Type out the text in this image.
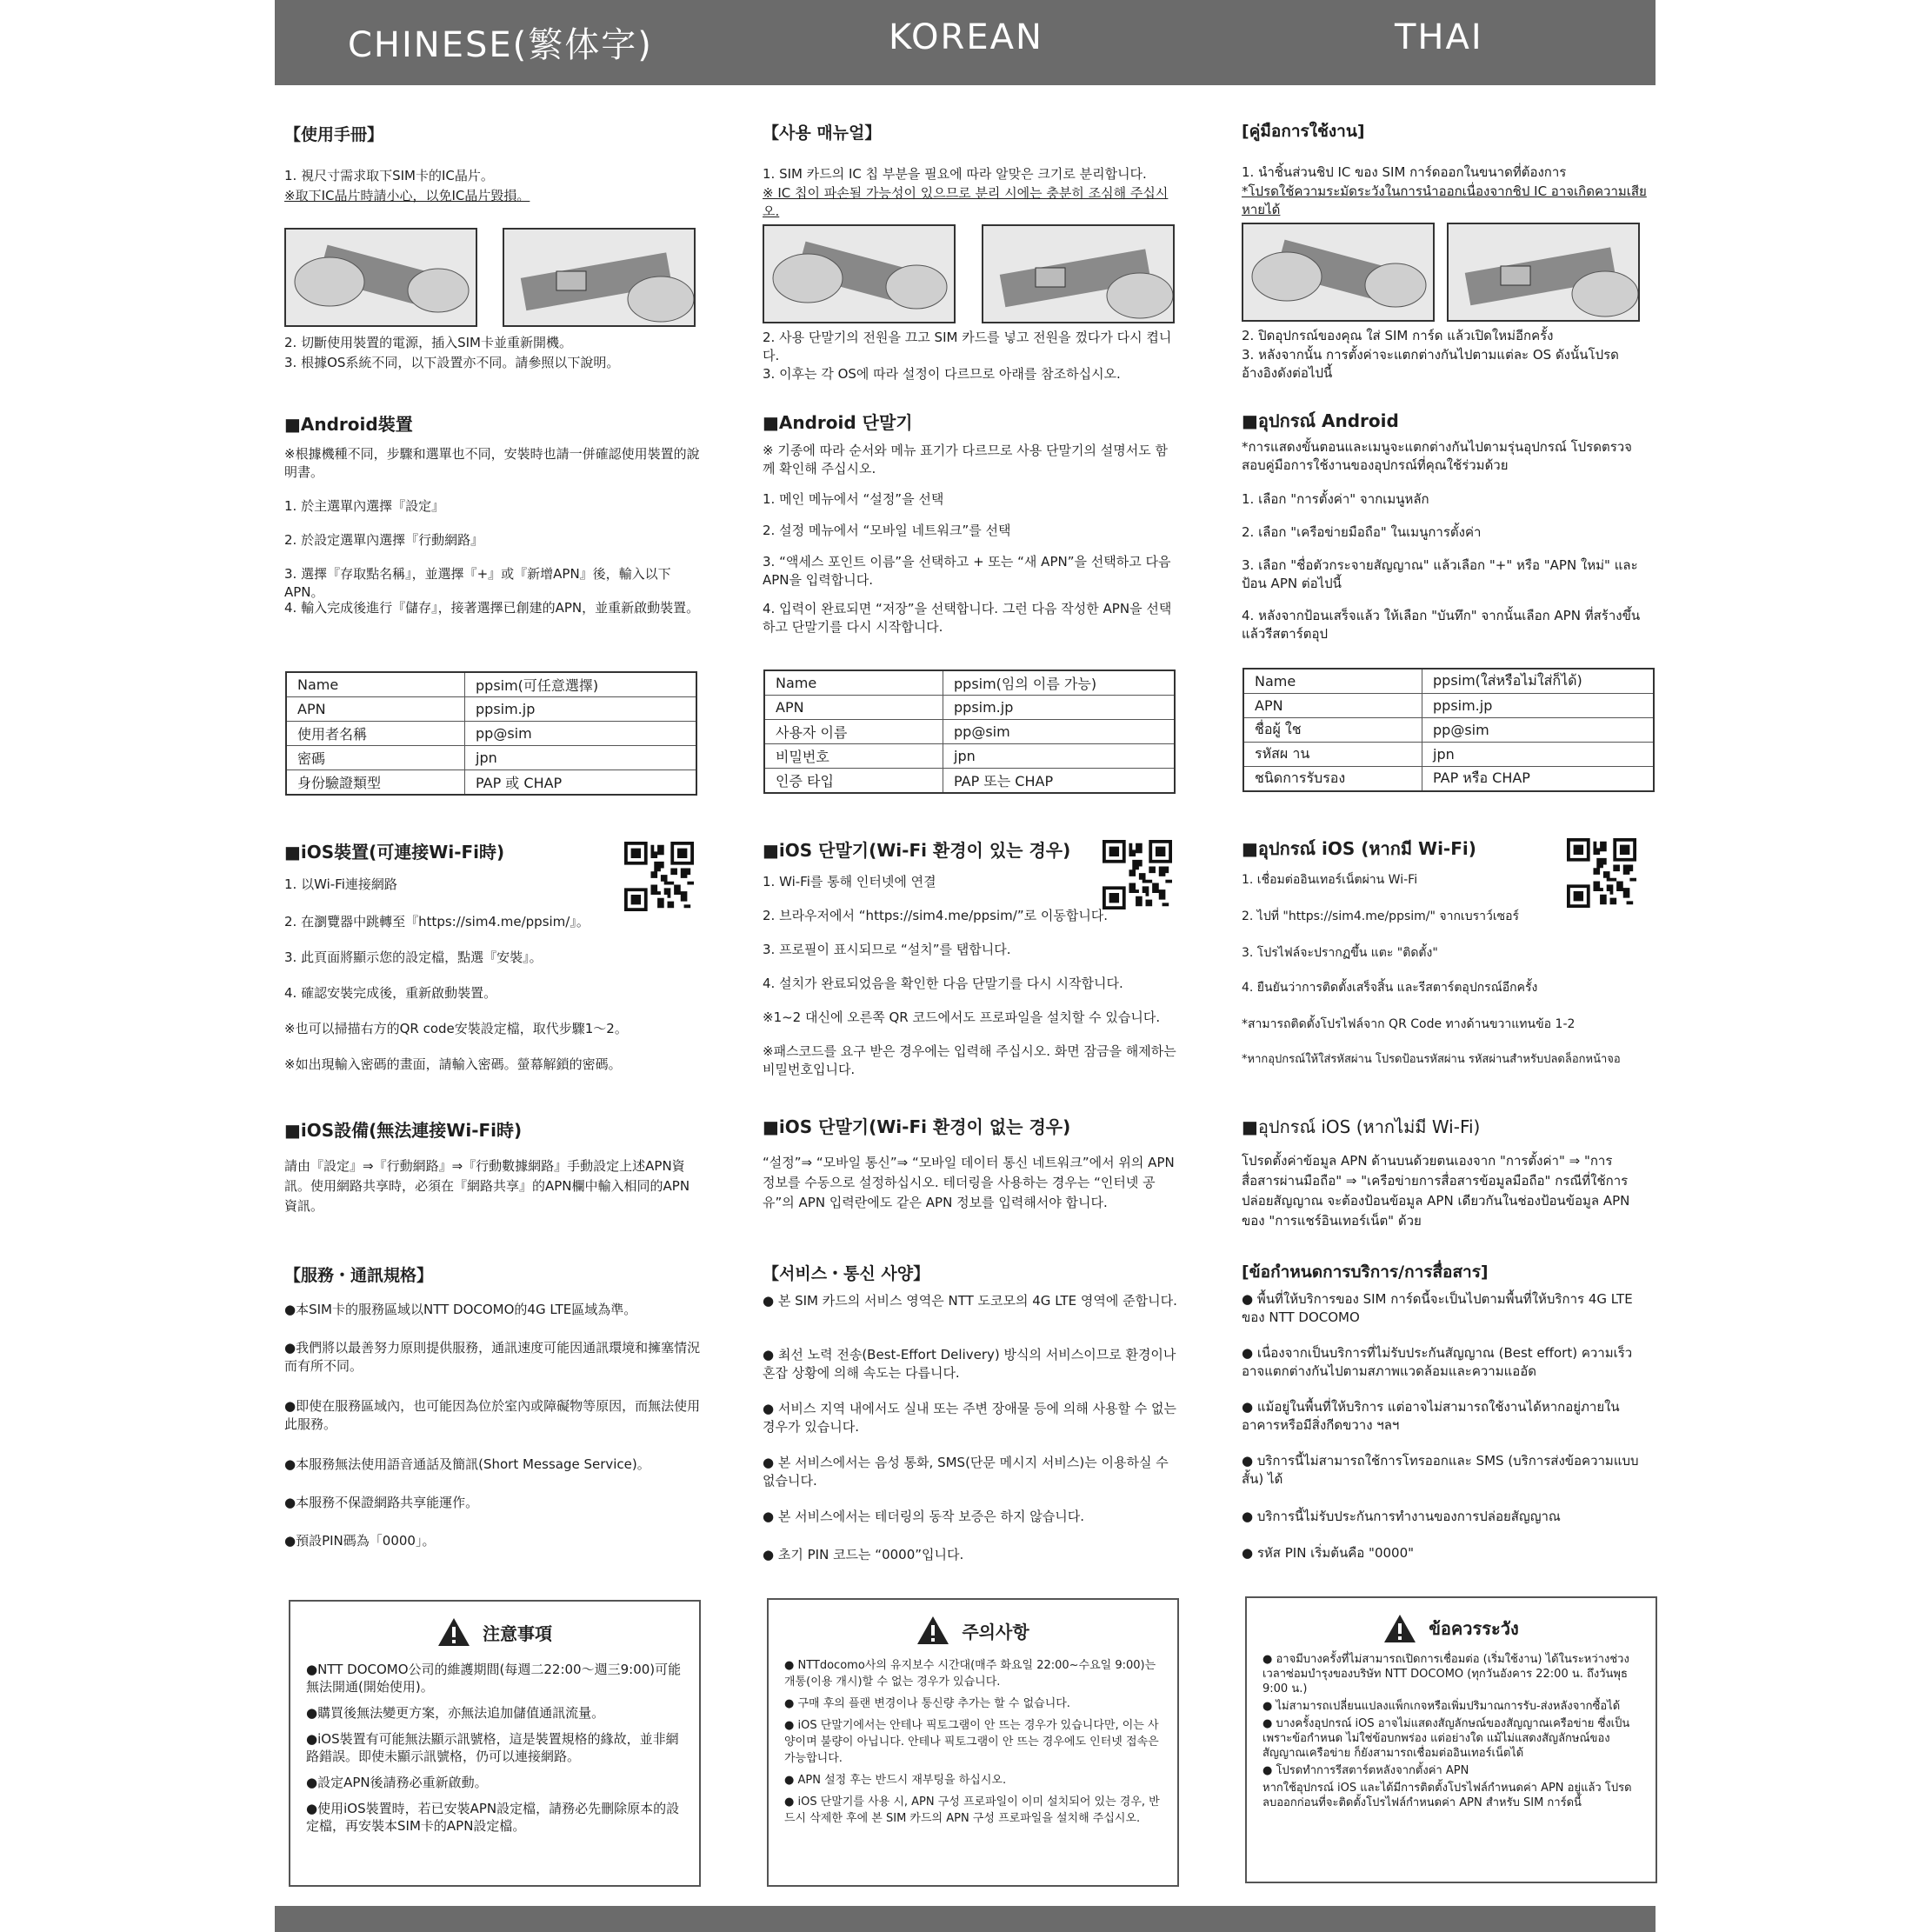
CHINESE(繁体字)	KOREAN	THAI
【使用手冊】
1. 視尺寸需求取下SIM卡的IC晶片。
※取下IC晶片時請小心，以免IC晶片毀損。
2. 切斷使用裝置的電源，插入SIM卡並重新開機。
3. 根據OS系統不同，以下設置亦不同。請參照以下說明。
■Android裝置
※根據機種不同，步驟和選單也不同，安裝時也請一併確認使用裝置的說明書。
1. 於主選單內選擇『設定』
2. 於設定選單內選擇『行動網路』
3. 選擇『存取點名稱』，並選擇『+』或『新增APN』後，輸入以下APN。
4. 輸入完成後進行『儲存』，接著選擇已創建的APN，並重新啟動裝置。
Name	ppsim(可任意選擇)
APN	ppsim.jp
使用者名稱	pp@sim
密碼	jpn
身份驗證類型	PAP 或 CHAP
■iOS裝置(可連接Wi-Fi時)
1. 以Wi-Fi連接網路
2. 在瀏覽器中跳轉至『https://sim4.me/ppsim/』。
3. 此頁面將顯示您的設定檔，點選『安裝』。
4. 確認安裝完成後，重新啟動裝置。
※也可以掃描右方的QR code安裝設定檔，取代步驟1～2。
※如出現輸入密碼的畫面，請輸入密碼。螢幕解鎖的密碼。
■iOS設備(無法連接Wi-Fi時)
請由『設定』⇒『行動網路』⇒『行動數據網路』手動設定上述APN資訊。使用網路共享時，必須在『網路共享』的APN欄中輸入相同的APN資訊。
【服務・通訊規格】
●本SIM卡的服務區域以NTT DOCOMO的4G LTE區域為準。
●我們將以最善努力原則提供服務，通訊速度可能因通訊環境和擁塞情況而有所不同。
●即使在服務區域內，也可能因為位於室內或障礙物等原因，而無法使用此服務。
●本服務無法使用語音通話及簡訊(Short Message Service)。
●本服務不保證網路共享能運作。
●預設PIN碼為「0000」。
注意事項

●NTT DOCOMO公司的維護期間(每週二22:00～週三9:00)可能無法開通(開始使用)。

●購買後無法變更方案，亦無法追加儲值通訊流量。

●iOS裝置有可能無法顯示訊號格，這是裝置規格的緣故，並非網路錯誤。即使未顯示訊號格，仍可以連接網路。

●設定APN後請務必重新啟動。

●使用iOS裝置時，若已安裝APN設定檔，請務必先刪除原本的設定檔，再安裝本SIM卡的APN設定檔。

【사용 매뉴얼】
1. SIM 카드의 IC 칩 부분을 필요에 따라 알맞은 크기로 분리합니다.
※ IC 칩이 파손될 가능성이 있으므로 분리 시에는 충분히 조심해 주십시오.
2. 사용 단말기의 전원을 끄고 SIM 카드를 넣고 전원을 껐다가 다시 켭니다.
3. 이후는 각 OS에 따라 설정이 다르므로 아래를 참조하십시오.
■Android 단말기
※ 기종에 따라 순서와 메뉴 표기가 다르므로 사용 단말기의 설명서도 함께 확인해 주십시오.
1. 메인 메뉴에서 “설정”을 선택
2. 설정 메뉴에서 “모바일 네트워크”를 선택
3. “액세스 포인트 이름”을 선택하고 + 또는 “새 APN”을 선택하고 다음 APN을 입력합니다.
4. 입력이 완료되면 “저장”을 선택합니다. 그런 다음 작성한 APN을 선택하고 단말기를 다시 시작합니다.
Name	ppsim(임의 이름 가능)
APN	ppsim.jp
사용자 이름	pp@sim
비밀번호	jpn
인증 타입	PAP 또는 CHAP
■iOS 단말기(Wi-Fi 환경이 있는 경우)
1. Wi-Fi를 통해 인터넷에 연결
2. 브라우저에서 “https://sim4.me/ppsim/”로 이동합니다.
3. 프로필이 표시되므로 “설치”를 탭합니다.
4. 설치가 완료되었음을 확인한 다음 단말기를 다시 시작합니다.
※1~2 대신에 오른쪽 QR 코드에서도 프로파일을 설치할 수 있습니다.
※패스코드를 요구 받은 경우에는 입력해 주십시오. 화면 잠금을 해제하는 비밀번호입니다.
■iOS 단말기(Wi-Fi 환경이 없는 경우)
“설정”⇒ “모바일 통신”⇒ “모바일 데이터 통신 네트워크”에서 위의 APN 정보를 수동으로 설정하십시오. 테더링을 사용하는 경우는 “인터넷 공유”의 APN 입력란에도 같은 APN 정보를 입력해서야 합니다.
【서비스・통신 사양】
● 본 SIM 카드의 서비스 영역은 NTT 도코모의 4G LTE 영역에 준합니다.
● 최선 노력 전송(Best-Effort Delivery) 방식의 서비스이므로 환경이나 혼잡 상황에 의해 속도는 다릅니다.
● 서비스 지역 내에서도 실내 또는 주변 장애물 등에 의해 사용할 수 없는 경우가 있습니다.
● 본 서비스에서는 음성 통화, SMS(단문 메시지 서비스)는 이용하실 수 없습니다.
● 본 서비스에서는 테더링의 동작 보증은 하지 않습니다.
● 초기 PIN 코드는 “0000”입니다.
주의사항

● NTTdocomo사의 유지보수 시간대(매주 화요일 22:00~수요일 9:00)는 개통(이용 개시)할 수 없는 경우가 있습니다.

● 구매 후의 플랜 변경이나 통신량 추가는 할 수 없습니다.

● iOS 단말기에서는 안테나 픽토그램이 안 뜨는 경우가 있습니다만, 이는 사양이며 불량이 아닙니다. 안테나 픽토그램이 안 뜨는 경우에도 인터넷 접속은 가능합니다.

● APN 설정 후는 반드시 재부팅을 하십시오.

● iOS 단말기를 사용 시, APN 구성 프로파일이 이미 설치되어 있는 경우, 반드시 삭제한 후에 본 SIM 카드의 APN 구성 프로파일을 설치해 주십시오.

[คู่มือการใช้งาน]
1. นำชิ้นส่วนชิป IC ของ SIM การ์ดออกในขนาดที่ต้องการ
*โปรดใช้ความระมัดระวังในการนำออกเนื่องจากชิป IC อาจเกิดความเสียหายได้
2. ปิดอุปกรณ์ของคุณ ใส่ SIM การ์ด แล้วเปิดใหม่อีกครั้ง
3. หลังจากนั้น การตั้งค่าจะแตกต่างกันไปตามแต่ละ OS ดังนั้นโปรดอ้างอิงดังต่อไปนี้
■อุปกรณ์ Android
*การแสดงขั้นตอนและเมนูจะแตกต่างกันไปตามรุ่นอุปกรณ์ โปรดตรวจสอบคู่มือการใช้งานของอุปกรณ์ที่คุณใช้ร่วมด้วย
1. เลือก "การตั้งค่า" จากเมนูหลัก
2. เลือก "เครือข่ายมือถือ" ในเมนูการตั้งค่า
3. เลือก "ชื่อตัวกระจายสัญญาณ" แล้วเลือก "+" หรือ "APN ใหม่" และป้อน APN ต่อไปนี้
4. หลังจากป้อนเสร็จแล้ว ให้เลือก "บันทึก" จากนั้นเลือก APN ที่สร้างขึ้น แล้วรีสตาร์ตอุป
Name	ppsim(ใส่หรือไม่ใส่ก็ได้)
APN	ppsim.jp
ชื่อผู้ ใช	pp@sim
รหัสผ าน	jpn
ชนิดการรับรอง	PAP หรือ CHAP
■อุปกรณ์ iOS (หากมี Wi-Fi)
1. เชื่อมต่ออินเทอร์เน็ตผ่าน Wi-Fi
2. ไปที่ "https://sim4.me/ppsim/" จากเบราว์เซอร์
3. โปรไฟล์จะปรากฏขึ้น แตะ "ติดตั้ง"
4. ยืนยันว่าการติดตั้งเสร็จสิ้น และรีสตาร์ตอุปกรณ์อีกครั้ง
*สามารถติดตั้งโปรไฟล์จาก QR Code ทางด้านขวาแทนข้อ 1-2
*หากอุปกรณ์ให้ใส่รหัสผ่าน โปรดป้อนรหัสผ่าน รหัสผ่านสำหรับปลดล็อกหน้าจอ
■อุปกรณ์ iOS (หากไม่มี Wi-Fi)
โปรดตั้งค่าข้อมูล APN ด้านบนด้วยตนเองจาก "การตั้งค่า" ⇒ "การสื่อสารผ่านมือถือ" ⇒ "เครือข่ายการสื่อสารข้อมูลมือถือ" กรณีที่ใช้การปล่อยสัญญาณ จะต้องป้อนข้อมูล APN เดียวกันในช่องป้อนข้อมูล APN ของ "การแชร์อินเทอร์เน็ต" ด้วย
[ข้อกำหนดการบริการ/การสื่อสาร]
● พื้นที่ให้บริการของ SIM การ์ดนี้จะเป็นไปตามพื้นที่ให้บริการ 4G LTE ของ NTT DOCOMO
● เนื่องจากเป็นบริการที่ไม่รับประกันสัญญาณ (Best effort) ความเร็วอาจแตกต่างกันไปตามสภาพแวดล้อมและความแออัด
● แม้อยู่ในพื้นที่ให้บริการ แต่อาจไม่สามารถใช้งานได้หากอยู่ภายในอาคารหรือมีสิ่งกีดขวาง ฯลฯ
● บริการนี้ไม่สามารถใช้การโทรออกและ SMS (บริการส่งข้อความแบบสั้น) ได้
● บริการนี้ไม่รับประกันการทำงานของการปล่อยสัญญาณ
● รหัส PIN เริ่มต้นคือ "0000"
ข้อควรระวัง

● อาจมีบางครั้งที่ไม่สามารถเปิดการเชื่อมต่อ (เริ่มใช้งาน) ได้ในระหว่างช่วงเวลาซ่อมบำรุงของบริษัท NTT DOCOMO (ทุกวันอังคาร 22:00 น. ถึงวันพุธ 9:00 น.)

● ไม่สามารถเปลี่ยนแปลงแพ็กเกจหรือเพิ่มปริมาณการรับ-ส่งหลังจากซื้อได้

● บางครั้งอุปกรณ์ iOS อาจไม่แสดงสัญลักษณ์ของสัญญาณเครือข่าย ซึ่งเป็นเพราะข้อกำหนด ไม่ใช่ข้อบกพร่อง แต่อย่างใด แม้ไม่แสดงสัญลักษณ์ของสัญญาณเครือข่าย ก็ยังสามารถเชื่อมต่ออินเทอร์เน็ตได้

● โปรดทำการรีสตาร์ตหลังจากตั้งค่า APN

หากใช้อุปกรณ์ iOS และได้มีการติดตั้งโปรไฟล์กำหนดค่า APN อยู่แล้ว โปรดลบออกก่อนที่จะติดตั้งโปรไฟล์กำหนดค่า APN สำหรับ SIM การ์ดนี้
